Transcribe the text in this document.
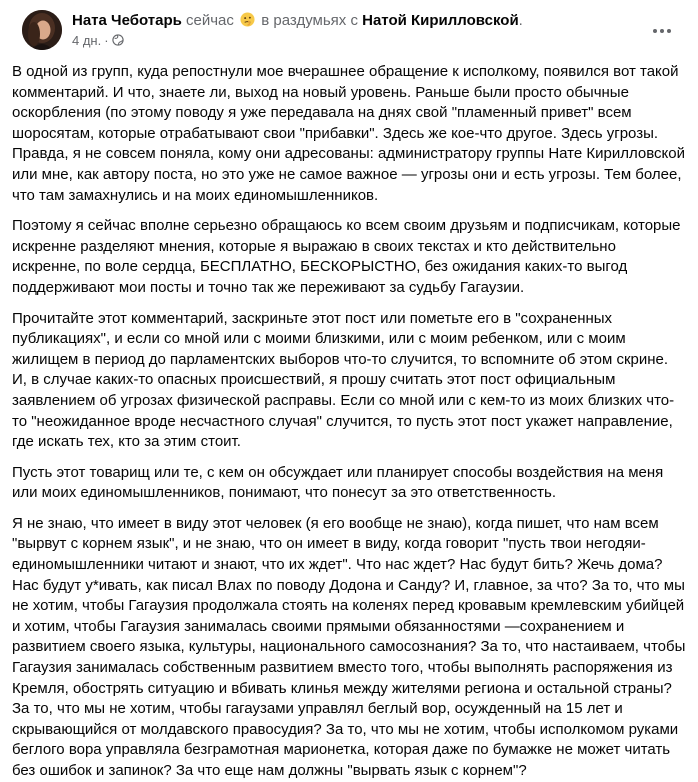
Ната Чеботарь сейчас в раздумьях с Натой Кирилловской.
4 дн. ·

В одной из групп, куда репостнули мое вчерашнее обращение к исполкому, появился вот такой комментарий. И что, знаете ли, выход на новый уровень. Раньше были просто обычные оскорбления (по этому поводу я уже передавала на днях свой "пламенный привет" всем шоросятам, которые отрабатывают свои "прибавки". Здесь же кое-что другое. Здесь угрозы. Правда, я не совсем поняла, кому они адресованы: администратору группы Нате Кирилловской или мне, как автору поста, но это уже не самое важное — угрозы они и есть угрозы. Тем более, что там замахнулись и на моих единомышленников.

Поэтому я сейчас вполне серьезно обращаюсь ко всем своим друзьям и подписчикам, которые искренне разделяют мнения, которые я выражаю в своих текстах и кто действительно искренне, по воле сердца, БЕСПЛАТНО, БЕСКОРЫСТНО, без ожидания каких-то выгод поддерживают мои посты и точно так же переживают за судьбу Гагаузии.

Прочитайте этот комментарий, заскриньте этот пост или пометьте его в "сохраненных публикациях", и если со мной или с моими близкими, или с моим ребенком, или с моим жилищем в период до парламентских выборов что-то случится, то вспомните об этом скрине. И, в случае каких-то опасных происшествий, я прошу считать этот пост официальным заявлением об угрозах физической расправы. Если со мной или с кем-то из моих близких что-то "неожиданное вроде несчастного случая" случится, то пусть этот пост укажет направление, где искать тех, кто за этим стоит.

Пусть этот товарищ или те, с кем он обсуждает или планирует способы воздействия на меня или моих единомышленников, понимают, что понесут за это ответственность.

Я не знаю, что имеет в виду этот человек (я его вообще не знаю), когда пишет, что нам всем "вырвут с корнем язык", и не знаю, что он имеет в виду, когда говорит "пусть твои негодяи-единомышленники читают и знают, что их ждет". Что нас ждет? Нас будут бить? Жечь дома? Нас будут у*ивать, как писал Влах по поводу Додона и Санду? И, главное, за что? За то, что мы не хотим, чтобы Гагаузия продолжала стоять на коленях перед кровавым кремлевским убийцей и хотим, чтобы Гагаузия занималась своими прямыми обязанностями —сохранением и развитием своего языка, культуры, национального самосознания? За то, что настаиваем, чтобы Гагаузия занималась собственным развитием вместо того, чтобы выполнять распоряжения из Кремля, обострять ситуацию и вбивать клинья между жителями региона и остальной страны? За то, что мы не хотим, чтобы гагаузами управлял беглый вор, осужденный на 15 лет и скрывающийся от молдавского правосудия? За то, что мы не хотим, чтобы исполкомом руками беглого вора управляла безграмотная марионетка, которая даже по бумажке не может читать без ошибок и запинок? За что еще нам должны "вырвать язык с корнем"?
